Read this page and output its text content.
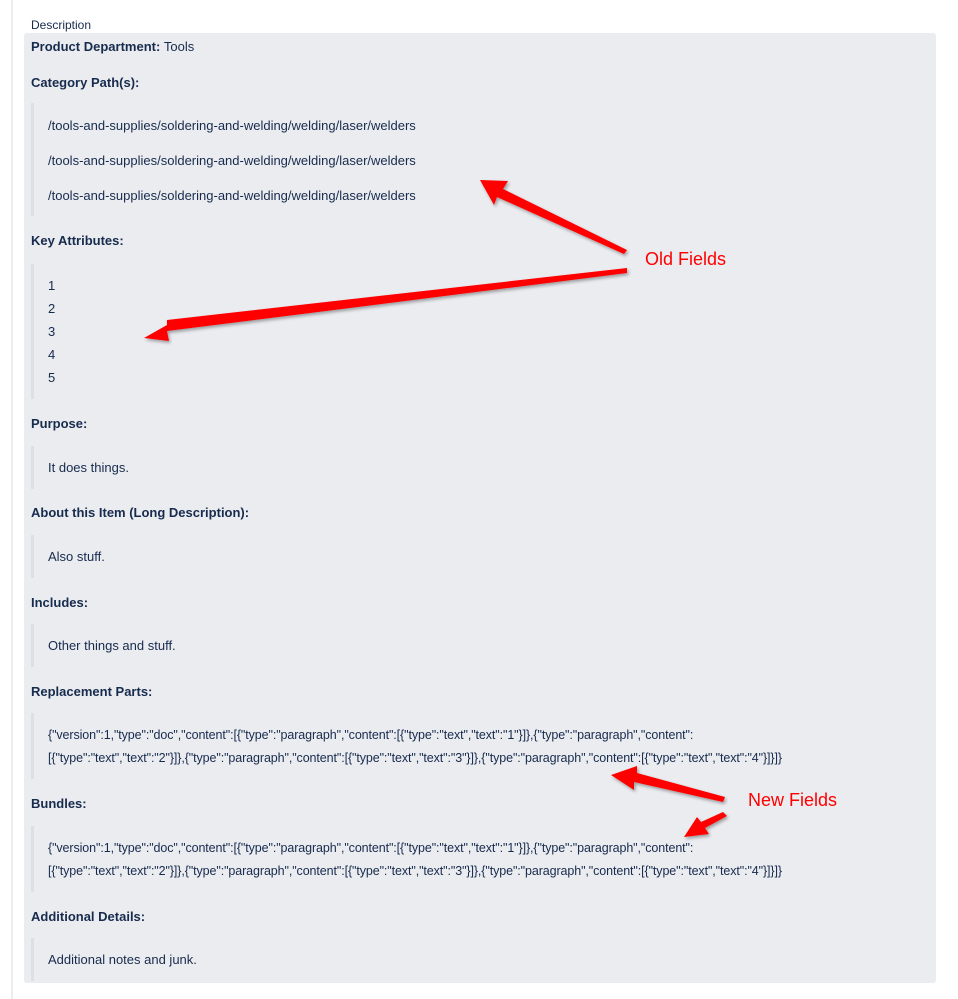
Description
Product Department: Tools
Category Path(s):
/tools-and-supplies/soldering-and-welding/welding/laser/welders
/tools-and-supplies/soldering-and-welding/welding/laser/welders
/tools-and-supplies/soldering-and-welding/welding/laser/welders
Key Attributes:
1
2
3
4
5
Purpose:
It does things.
About this Item (Long Description):
Also stuff.
Includes:
Other things and stuff.
Replacement Parts:
{"version":1,"type":"doc","content":[{"type":"paragraph","content":[{"type":"text","text":"1"}]},{"type":"paragraph","content":
[{"type":"text","text":"2"}]},{"type":"paragraph","content":[{"type":"text","text":"3"}]},{"type":"paragraph","content":[{"type":"text","text":"4"}]}]}
Bundles:
{"version":1,"type":"doc","content":[{"type":"paragraph","content":[{"type":"text","text":"1"}]},{"type":"paragraph","content":
[{"type":"text","text":"2"}]},{"type":"paragraph","content":[{"type":"text","text":"3"}]},{"type":"paragraph","content":[{"type":"text","text":"4"}]}]}
Additional Details:
Additional notes and junk.
Old Fields
New Fields
